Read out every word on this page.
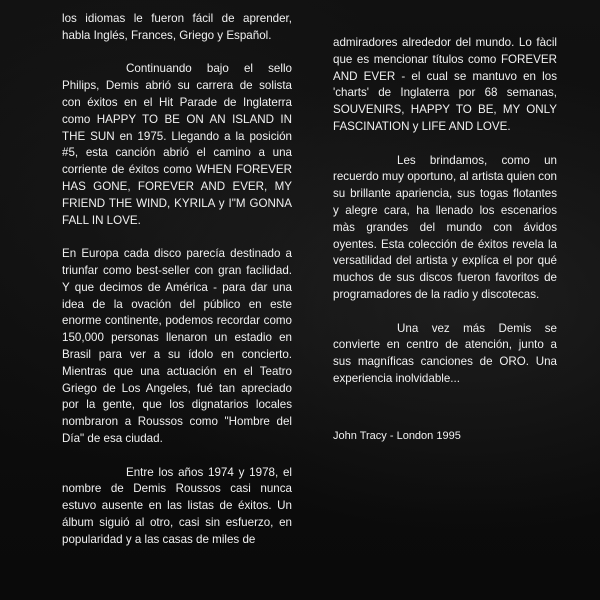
los idiomas le fueron fácil de aprender, habla Inglés, Frances, Griego y Español.

Continuando bajo el sello Philips, Demis abrió su carrera de solista con éxitos en el Hit Parade de Inglaterra como HAPPY TO BE ON AN ISLAND IN THE SUN en 1975. Llegando a la posición #5, esta canción abrió el camino a una corriente de éxitos como WHEN FOREVER HAS GONE, FOREVER AND EVER, MY FRIEND THE WIND, KYRILA y I"M GONNA FALL IN LOVE.

En Europa cada disco parecía destinado a triunfar como best-seller con gran facilidad. Y que decimos de América - para dar una idea de la ovación del público en este enorme continente, podemos recordar como 150,000 personas llenaron un estadio en Brasil para ver a su ídolo en concierto. Mientras que una actuación en el Teatro Griego de Los Angeles, fué tan apreciado por la gente, que los dignatarios locales nombraron a Roussos como "Hombre del Día" de esa ciudad.

Entre los años 1974 y 1978, el nombre de Demis Roussos casi nunca estuvo ausente en las listas de éxitos. Un álbum siguió al otro, casi sin esfuerzo, en popularidad y a las casas de miles de

admiradores alrededor del mundo. Lo fàcil que es mencionar títulos como FOREVER AND EVER - el cual se mantuvo en los 'charts' de Inglaterra por 68 semanas, SOUVENIRS, HAPPY TO BE, MY ONLY FASCINATION y LIFE AND LOVE.

Les brindamos, como un recuerdo muy oportuno, al artista quien con su brillante apariencia, sus togas flotantes y alegre cara, ha llenado los escenarios màs grandes del mundo con ávidos oyentes. Esta colección de éxitos revela la versatilidad del artista y explíca el por qué muchos de sus discos fueron favoritos de programadores de la radio y discotecas.

Una vez más Demis se convierte en centro de atención, junto a sus magníficas canciones de ORO. Una experiencia inolvidable...

John Tracy - London 1995
